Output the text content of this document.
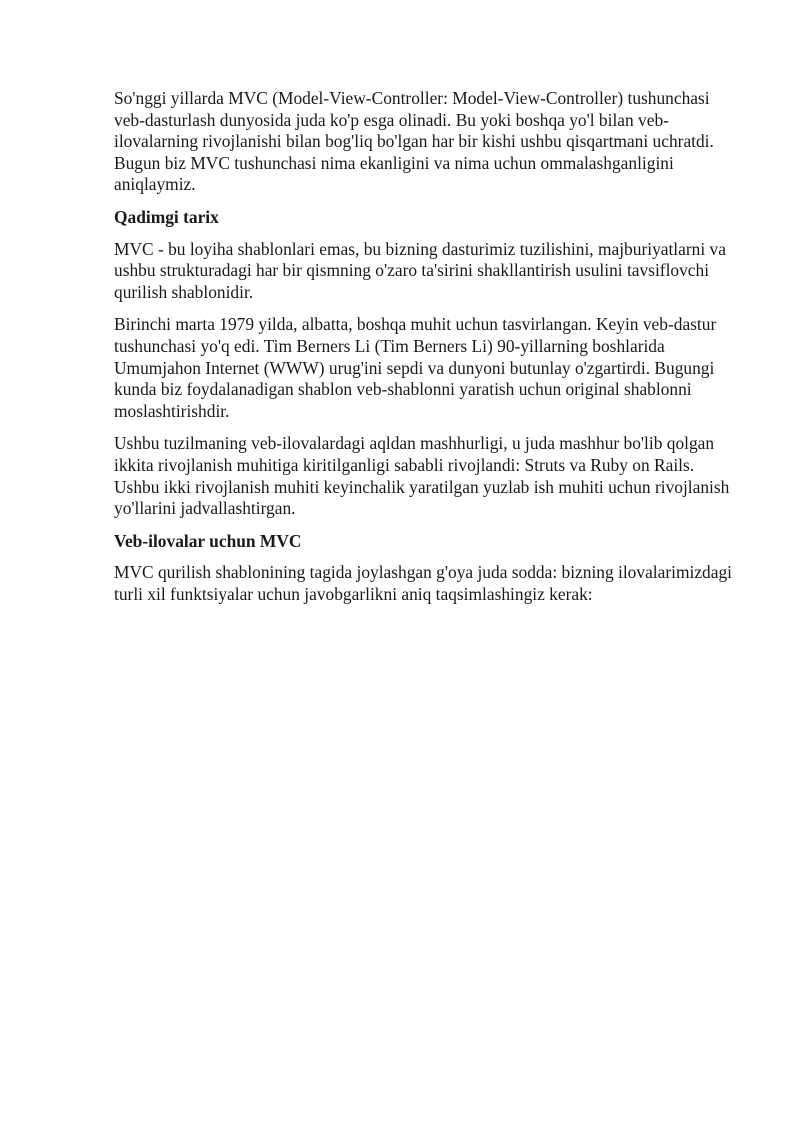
So'nggi yillarda MVC (Model-View-Controller: Model-View-Controller) tushunchasi veb-dasturlash dunyosida juda ko'p esga olinadi. Bu yoki boshqa yo'l bilan veb-ilovalarning rivojlanishi bilan bog'liq bo'lgan har bir kishi ushbu qisqartmani uchratdi. Bugun biz MVC tushunchasi nima ekanligini va nima uchun ommalashganligini aniqlaymiz.

Qadimgi tarix

MVC - bu loyiha shablonlari emas, bu bizning dasturimiz tuzilishini, majburiyatlarni va ushbu strukturadagi har bir qismning o'zaro ta'sirini shakllantirish usulini tavsiflovchi qurilish shablonidir.

Birinchi marta 1979 yilda, albatta, boshqa muhit uchun tasvirlangan. Keyin veb-dastur tushunchasi yo'q edi. Tim Berners Li (Tim Berners Li) 90-yillarning boshlarida Umumjahon Internet (WWW) urug'ini sepdi va dunyoni butunlay o'zgartirdi. Bugungi kunda biz foydalanadigan shablon veb-shablonni yaratish uchun original shablonni moslashtirishdir.

Ushbu tuzilmaning veb-ilovalardagi aqldan mashhurligi, u juda mashhur bo'lib qolgan ikkita rivojlanish muhitiga kiritilganligi sababli rivojlandi: Struts va Ruby on Rails. Ushbu ikki rivojlanish muhiti keyinchalik yaratilgan yuzlab ish muhiti uchun rivojlanish yo'llarini jadvallashtirgan.

Veb-ilovalar uchun MVC

MVC qurilish shablonining tagida joylashgan g'oya juda sodda: bizning ilovalarimizdagi turli xil funktsiyalar uchun javobgarlikni aniq taqsimlashingiz kerak:
